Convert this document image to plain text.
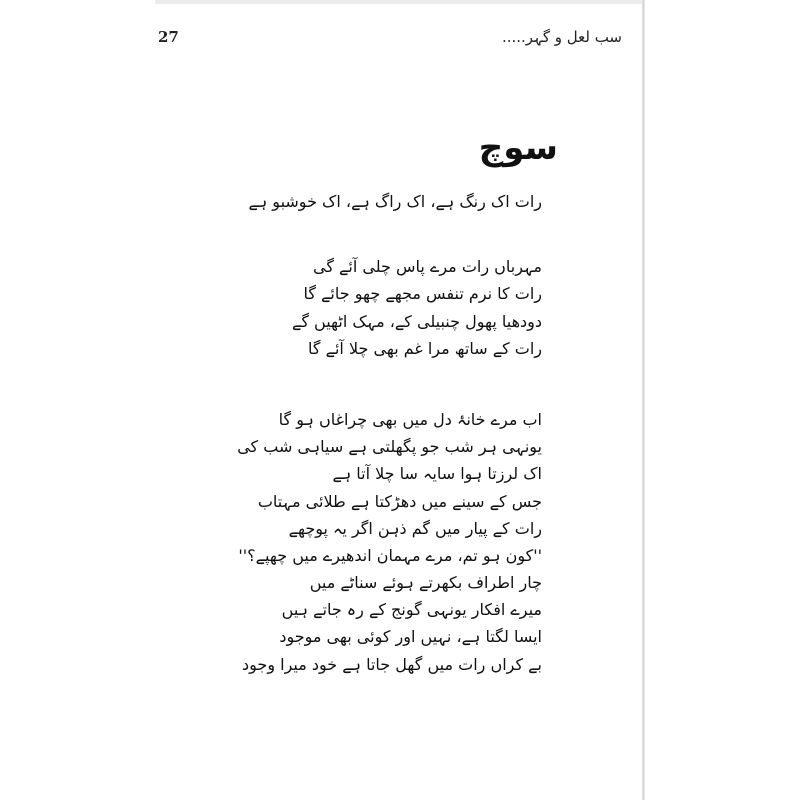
27	سب لعل و گہر.....
سوچ
رات اک رنگ ہے، اک راگ ہے، اک خوشبو ہے
مہرباں رات مرے پاس چلی آئے گی
رات کا نرم تنفس مجھے چھو جائے گا
دودھیا پھول چنبیلی کے، مہک اٹھیں گے
رات کے ساتھ مرا غم بھی چلا آئے گا
اب مرے خانۂ دل میں بھی چراغاں ہو گا
یونہی ہر شب جو پگھلتی ہے سیاہی شب کی
اک لرزتا ہوا سایہ سا چلا آتا ہے
جس کے سینے میں دھڑکتا ہے طلائی مہتاب
رات کے پیار میں گم ذہن اگر یہ پوچھے
''کون ہو تم، مرے مہمان اندھیرے میں چھپے؟''
چار اطراف بکھرتے ہوئے سناٹے میں
میرے افکار یونہی گونج کے رہ جاتے ہیں
ایسا لگتا ہے، نہیں اور کوئی بھی موجود
بے کراں رات میں گھل جاتا ہے خود میرا وجود
